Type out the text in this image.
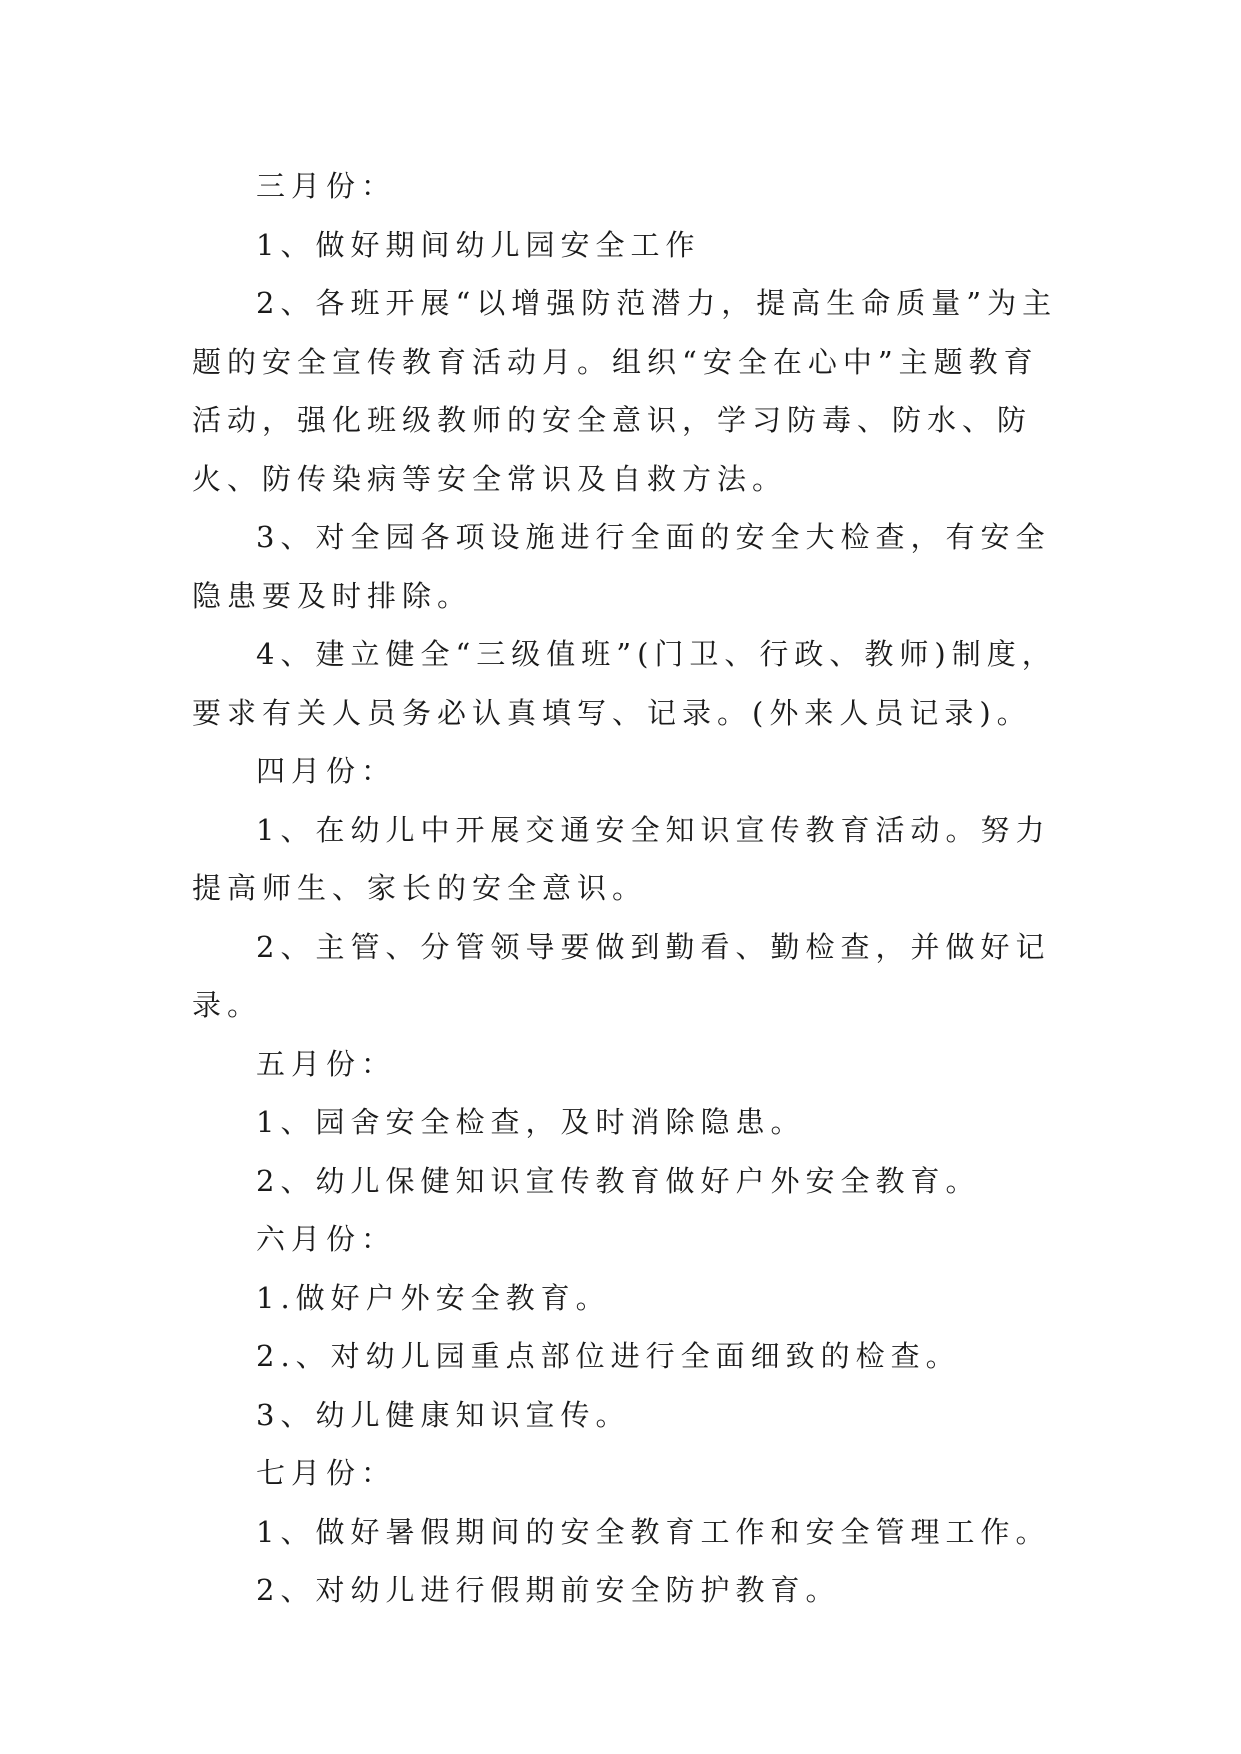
三月份：

1、做好期间幼儿园安全工作

2、各班开展“以增强防范潜力，提高生命质量”为主题的安全宣传教育活动月。组织“安全在心中”主题教育活动，强化班级教师的安全意识，学习防毒、防水、防火、防传染病等安全常识及自救方法。

3、对全园各项设施进行全面的安全大检查，有安全隐患要及时排除。

4、建立健全“三级值班”(门卫、行政、教师)制度，要求有关人员务必认真填写、记录。(外来人员记录)。

四月份：

1、在幼儿中开展交通安全知识宣传教育活动。努力提高师生、家长的安全意识。

2、主管、分管领导要做到勤看、勤检查，并做好记录。

五月份：

1、园舍安全检查，及时消除隐患。

2、幼儿保健知识宣传教育做好户外安全教育。

六月份：

1.做好户外安全教育。

2.、对幼儿园重点部位进行全面细致的检查。

3、幼儿健康知识宣传。

七月份：

1、做好暑假期间的安全教育工作和安全管理工作。

2、对幼儿进行假期前安全防护教育。
